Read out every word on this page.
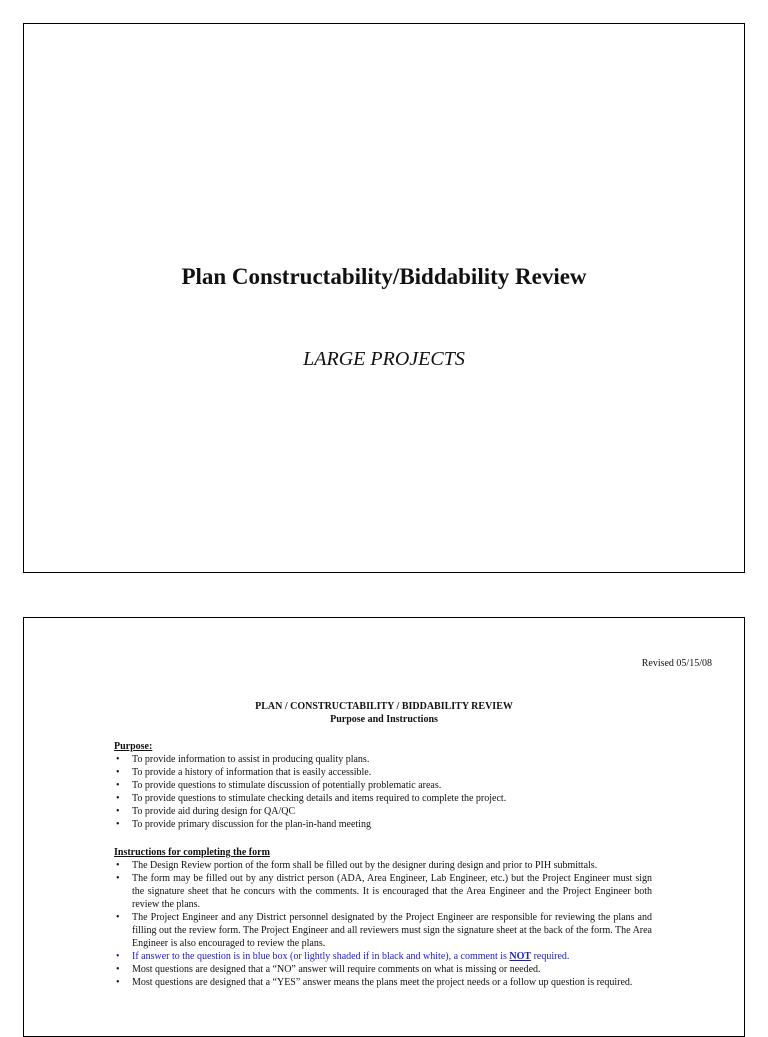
Plan Constructability/Biddability Review
LARGE PROJECTS
Revised 05/15/08
PLAN / CONSTRUCTABILITY / BIDDABILITY REVIEW
Purpose and Instructions
Purpose:
• To provide information to assist in producing quality plans.
• To provide a history of information that is easily accessible.
• To provide questions to stimulate discussion of potentially problematic areas.
• To provide questions to stimulate checking details and items required to complete the project.
• To provide aid during design for QA/QC
• To provide primary discussion for the plan-in-hand meeting
Instructions for completing the form
• The Design Review portion of the form shall be filled out by the designer during design and prior to PIH submittals.
• The form may be filled out by any district person (ADA, Area Engineer, Lab Engineer, etc.) but the Project Engineer must sign the signature sheet that he concurs with the comments. It is encouraged that the Area Engineer and the Project Engineer both review the plans.
• The Project Engineer and any District personnel designated by the Project Engineer are responsible for reviewing the plans and filling out the review form. The Project Engineer and all reviewers must sign the signature sheet at the back of the form. The Area Engineer is also encouraged to review the plans.
• If answer to the question is in blue box (or lightly shaded if in black and white), a comment is NOT required.
• Most questions are designed that a “NO” answer will require comments on what is missing or needed.
• Most questions are designed that a “YES” answer means the plans meet the project needs or a follow up question is required.
